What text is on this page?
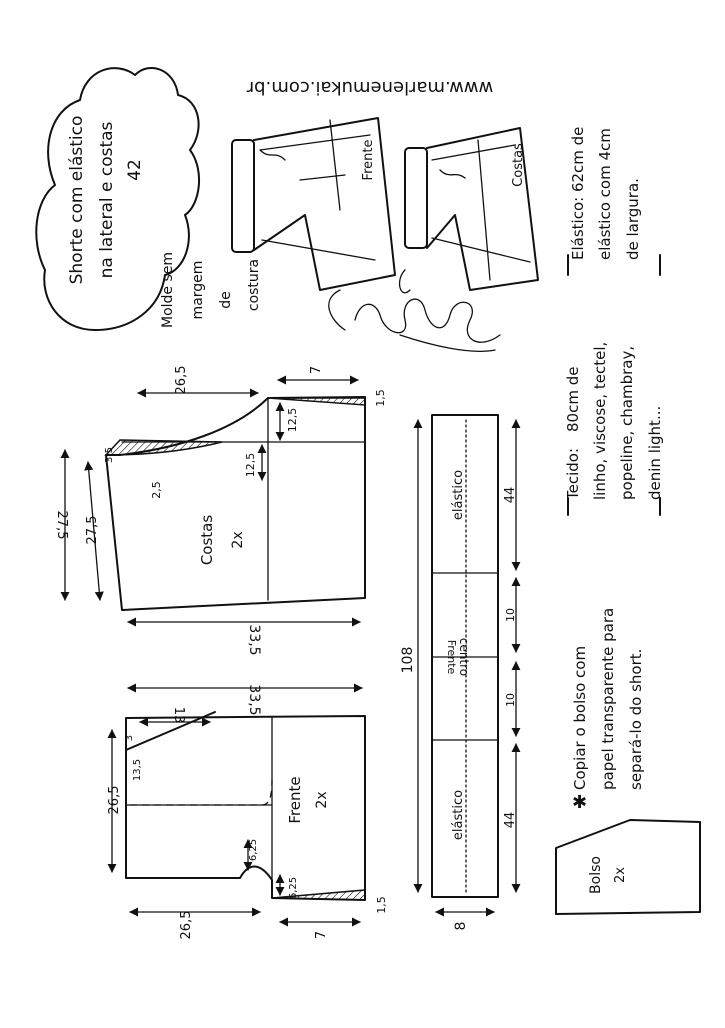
Shorte com elástico na lateral e costas 42
www.marlenemukai.com.br
Molde sem margem de costura
Frente	Costas	Elástico: 62cm de elástico com 4cm de largura.
Tecido:
80cm de linho, viscose, tectel, popeline, chambray, denin light...
✱
Copiar o bolso com papel transparente para separá-lo do short.
26,5	7
1,5
12,5
12,5
2,5
3,5
27,5 27,5
33,5
Costas 2x
33,5
13
13,5
3
26,5
26,5
6,25
6,25
7
1,5
Frente 2x
108
8
elástico
elástico
centro
Frente
44
10
10
44
Bolso 2x
